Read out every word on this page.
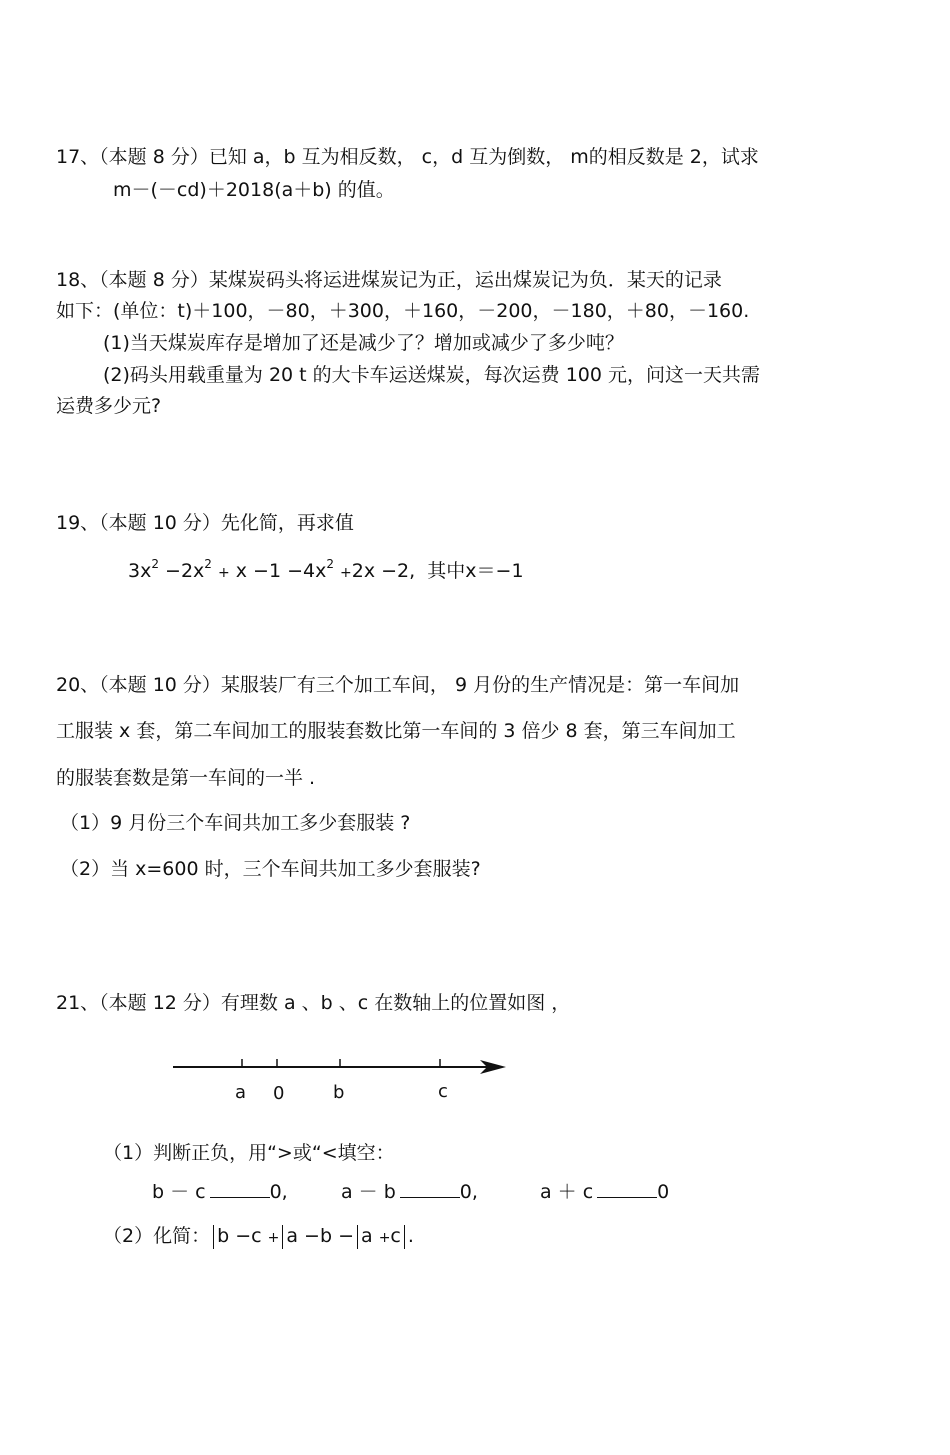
17、（本题 8 分）已知 a，b 互为相反数， c，d 互为倒数， m的相反数是 2，试求
m－(－cd)＋2018(a＋b) 的值。
18、（本题 8 分）某煤炭码头将运进煤炭记为正，运出煤炭记为负．某天的记录
如下：(单位：t)＋100，－80，＋300，＋160，－200，－180，＋80，－160.
(1)当天煤炭库存是增加了还是减少了？增加或减少了多少吨？
(2)码头用载重量为 20 t 的大卡车运送煤炭，每次运费 100 元，问这一天共需
运费多少元?
19、（本题 10 分）先化简，再求值
$3x^2 -2x^2 + x -1 -4x^2 +2x -2$, 其中x＝−1
20、（本题 10 分）某服装厂有三个加工车间， 9 月份的生产情况是：第一车间加
工服装 x 套，第二车间加工的服装套数比第一车间的 3 倍少 8 套，第三车间加工
的服装套数是第一车间的一半 .
（1）9 月份三个车间共加工多少套服装 ?
（2）当 x=600 时，三个车间共加工多少套服装?
21、（本题 12 分）有理数 a 、b 、c 在数轴上的位置如图 ，
a 0	b	c
（1）判断正负，用“>或“<填空：
b － c	0,	a － b	0,	a ＋ c	0
（2）化简： b −c + a −b − a +c .
